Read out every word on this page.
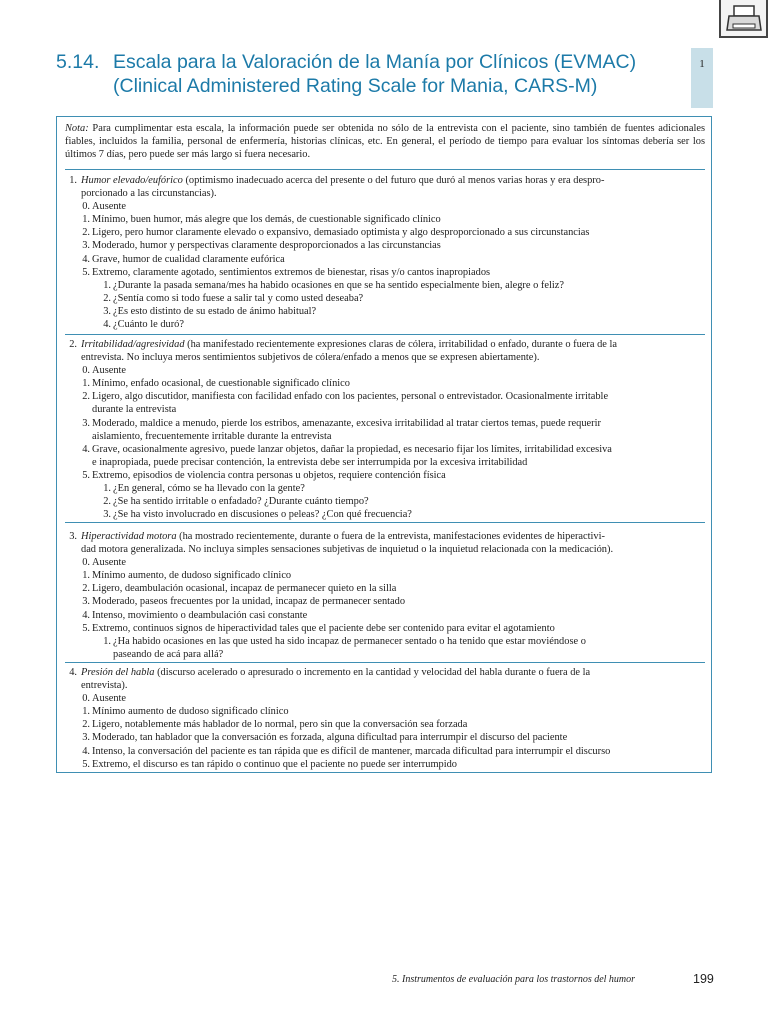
5.14. Escala para la Valoración de la Manía por Clínicos (EVMAC)
(Clinical Administered Rating Scale for Mania, CARS-M)
1
Nota: Para cumplimentar esta escala, la información puede ser obtenida no sólo de la entrevista con el paciente, sino también de fuentes adicionales fiables, incluidos la familia, personal de enfermería, historias clínicas, etc. En general, el período de tiempo para evaluar los síntomas debería ser los últimos 7 días, pero puede ser más largo si fuera necesario.
1. Humor elevado/eufórico (optimismo inadecuado acerca del presente o del futuro que duró al menos varias horas y era despro-
porcionado a las circunstancias).
0. Ausente
1. Mínimo, buen humor, más alegre que los demás, de cuestionable significado clínico
2. Ligero, pero humor claramente elevado o expansivo, demasiado optimista y algo desproporcionado a sus circunstancias
3. Moderado, humor y perspectivas claramente desproporcionados a las circunstancias
4. Grave, humor de cualidad claramente eufórica
5. Extremo, claramente agotado, sentimientos extremos de bienestar, risas y/o cantos inapropiados
1. ¿Durante la pasada semana/mes ha habido ocasiones en que se ha sentido especialmente bien, alegre o feliz?
2. ¿Sentía como si todo fuese a salir tal y como usted deseaba?
3. ¿Es esto distinto de su estado de ánimo habitual?
4. ¿Cuánto le duró?
2. Irritabilidad/agresividad (ha manifestado recientemente expresiones claras de cólera, irritabilidad o enfado, durante o fuera de la
entrevista. No incluya meros sentimientos subjetivos de cólera/enfado a menos que se expresen abiertamente).
0. Ausente
1. Mínimo, enfado ocasional, de cuestionable significado clínico
2. Ligero, algo discutidor, manifiesta con facilidad enfado con los pacientes, personal o entrevistador. Ocasionalmente irritable
durante la entrevista
3. Moderado, maldice a menudo, pierde los estribos, amenazante, excesiva irritabilidad al tratar ciertos temas, puede requerir
aislamiento, frecuentemente irritable durante la entrevista
4. Grave, ocasionalmente agresivo, puede lanzar objetos, dañar la propiedad, es necesario fijar los límites, irritabilidad excesiva
e inapropiada, puede precisar contención, la entrevista debe ser interrumpida por la excesiva irritabilidad
5. Extremo, episodios de violencia contra personas u objetos, requiere contención física
1. ¿En general, cómo se ha llevado con la gente?
2. ¿Se ha sentido irritable o enfadado? ¿Durante cuánto tiempo?
3. ¿Se ha visto involucrado en discusiones o peleas? ¿Con qué frecuencia?
3. Hiperactividad motora (ha mostrado recientemente, durante o fuera de la entrevista, manifestaciones evidentes de hiperactivi-
dad motora generalizada. No incluya simples sensaciones subjetivas de inquietud o la inquietud relacionada con la medicación).
0. Ausente
1. Mínimo aumento, de dudoso significado clínico
2. Ligero, deambulación ocasional, incapaz de permanecer quieto en la silla
3. Moderado, paseos frecuentes por la unidad, incapaz de permanecer sentado
4. Intenso, movimiento o deambulación casi constante
5. Extremo, continuos signos de hiperactividad tales que el paciente debe ser contenido para evitar el agotamiento
1. ¿Ha habido ocasiones en las que usted ha sido incapaz de permanecer sentado o ha tenido que estar moviéndose o
paseando de acá para allá?
4. Presión del habla (discurso acelerado o apresurado o incremento en la cantidad y velocidad del habla durante o fuera de la
entrevista).
0. Ausente
1. Mínimo aumento de dudoso significado clínico
2. Ligero, notablemente más hablador de lo normal, pero sin que la conversación sea forzada
3. Moderado, tan hablador que la conversación es forzada, alguna dificultad para interrumpir el discurso del paciente
4. Intenso, la conversación del paciente es tan rápida que es difícil de mantener, marcada dificultad para interrumpir el discurso
5. Extremo, el discurso es tan rápido o continuo que el paciente no puede ser interrumpido
5. Instrumentos de evaluación para los trastornos del humor	199
